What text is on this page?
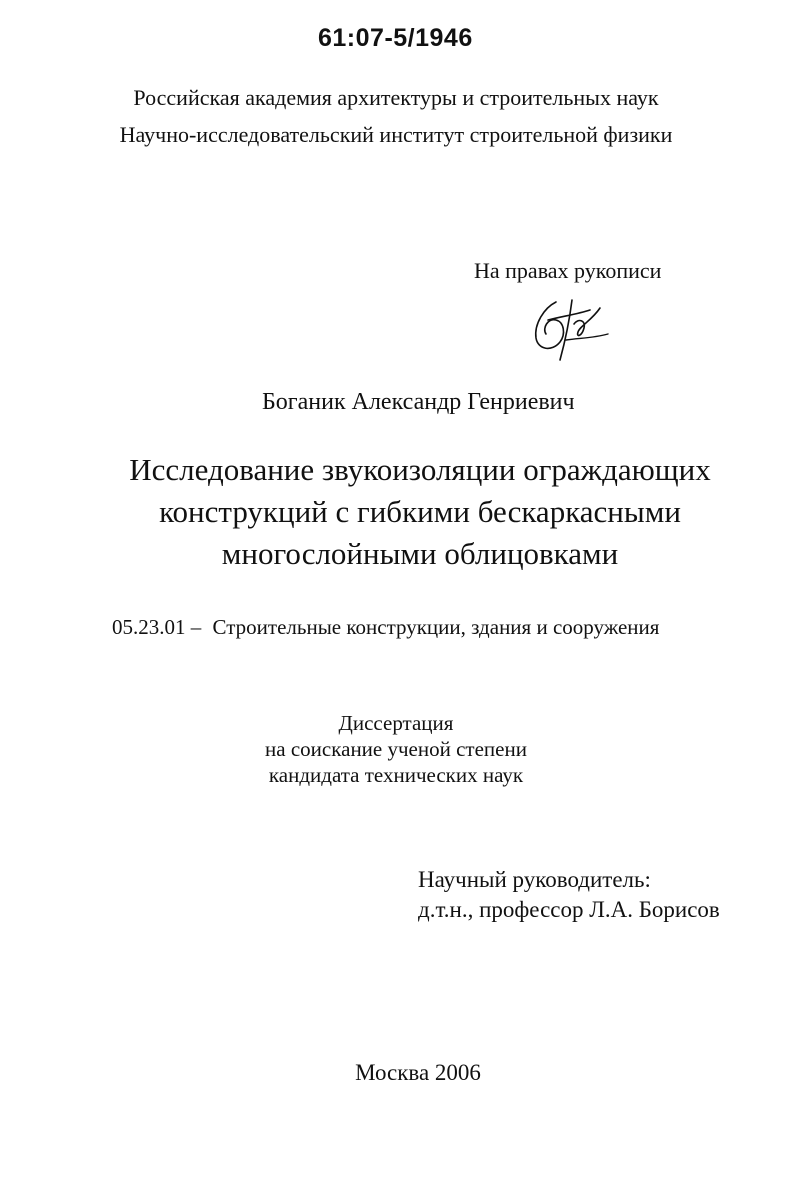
61:07-5/1946

Российская академия архитектуры и строительных наук

Научно-исследовательский институт строительной физики

На правах рукописи

Боганик Александр Генриевич

Исследование звукоизоляции ограждающих

конструкций с гибкими бескаркасными

многослойными облицовками

05.23.01 – Строительные конструкции, здания и сооружения

Диссертация

на соискание ученой степени

кандидата технических наук

Научный руководитель:

д.т.н., профессор Л.А. Борисов

Москва 2006
